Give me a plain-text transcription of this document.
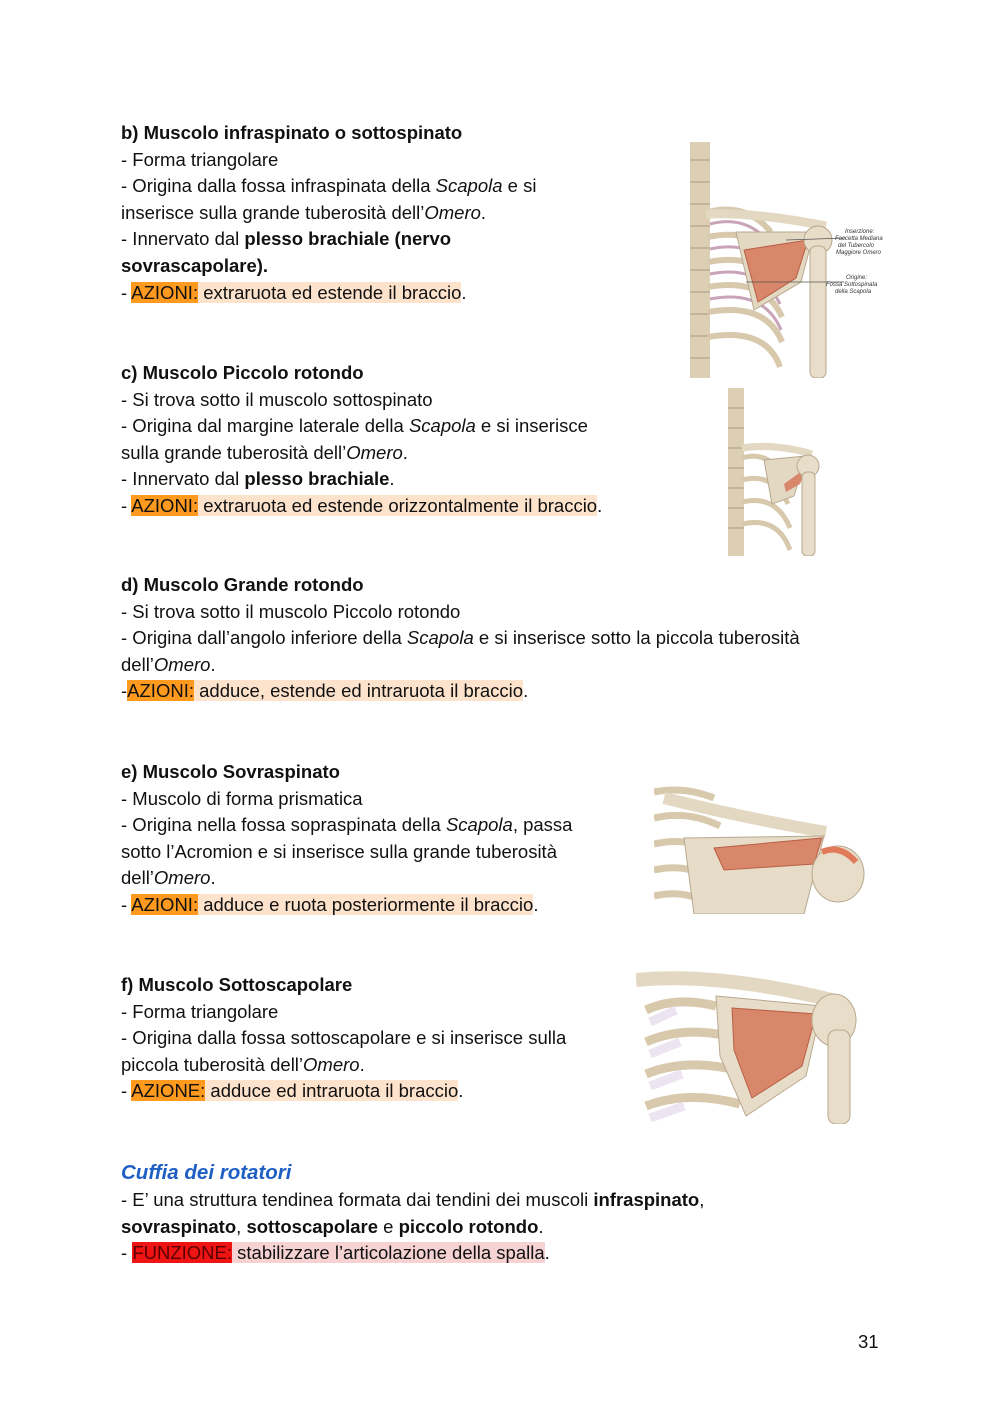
b) Muscolo infraspinato o sottospinato
- Forma triangolare
- Origina dalla fossa infraspinata della Scapola e si
inserisce sulla grande tuberosità dell’Omero.
- Innervato dal plesso brachiale (nervo
sovrascapolare).
- AZIONI: extraruota ed estende il braccio.
Inserzione:
Faccetta Mediana
del Tubercolo
Maggiore Omero
Origine:
Fossa Sottospinata
della Scapola
c) Muscolo Piccolo rotondo
- Si trova sotto il muscolo sottospinato
- Origina dal margine laterale della Scapola e si inserisce
sulla grande tuberosità dell’Omero.
- Innervato dal plesso brachiale.
- AZIONI: extraruota ed estende orizzontalmente il braccio.
d) Muscolo Grande rotondo
- Si trova sotto il muscolo Piccolo rotondo
- Origina dall’angolo inferiore della Scapola e si inserisce sotto la piccola tuberosità
dell’Omero.
-AZIONI: adduce, estende ed intraruota il braccio.
e) Muscolo Sovraspinato
- Muscolo di forma prismatica
- Origina nella fossa sopraspinata della Scapola, passa
sotto l’Acromion e si inserisce sulla grande tuberosità
dell’Omero.
- AZIONI: adduce e ruota posteriormente il braccio.
f) Muscolo Sottoscapolare
- Forma triangolare
- Origina dalla fossa sottoscapolare e si inserisce sulla
piccola tuberosità dell’Omero.
- AZIONE: adduce ed intraruota il braccio.
Cuffia dei rotatori
- E’ una struttura tendinea formata dai tendini dei muscoli infraspinato,
sovraspinato, sottoscapolare e piccolo rotondo.
- FUNZIONE: stabilizzare l’articolazione della spalla.
31
